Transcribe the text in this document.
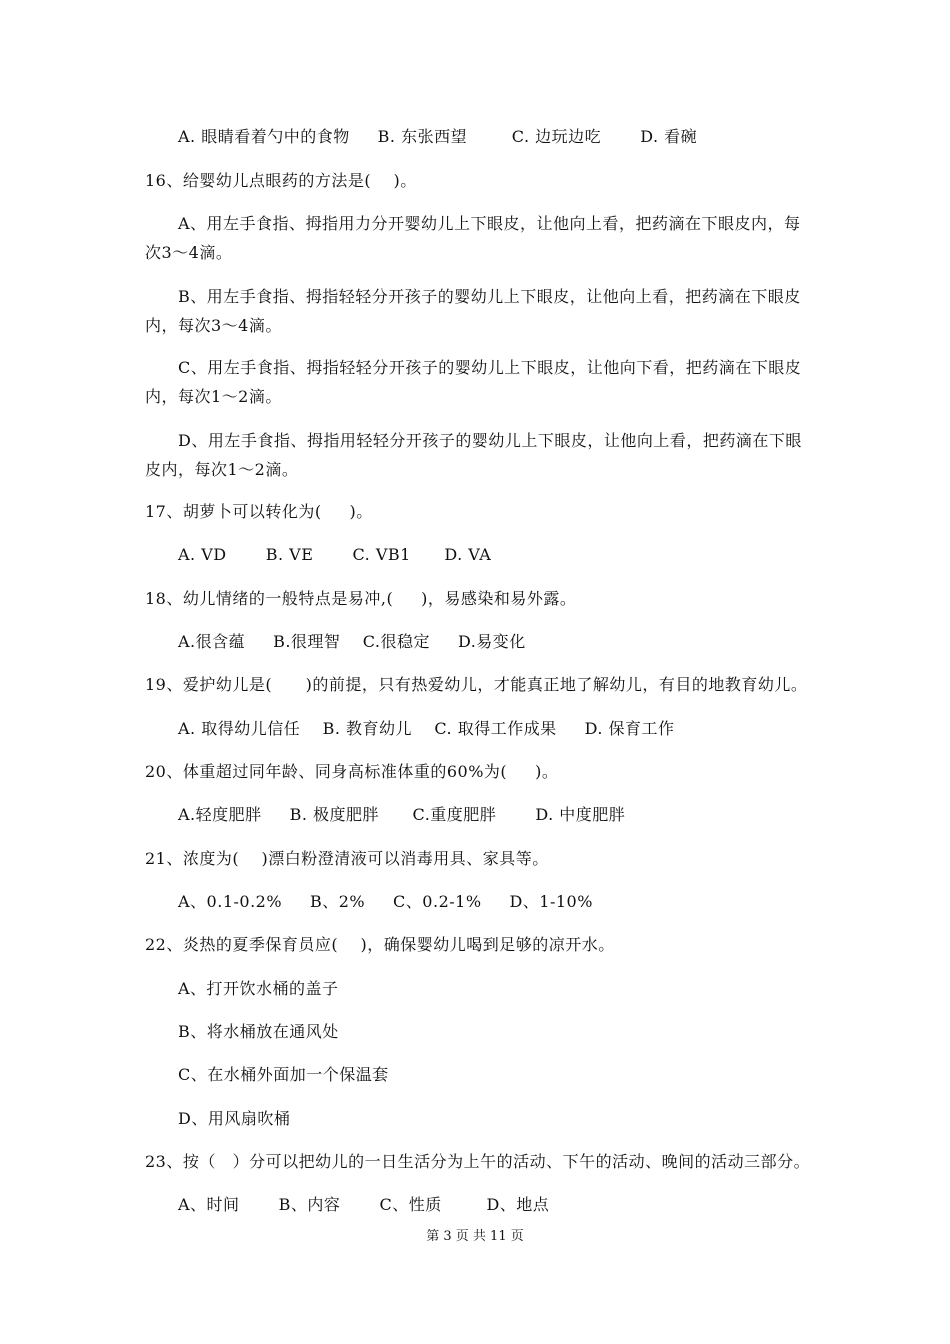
A. 眼睛看着勺中的食物     B. 东张西望        C. 边玩边吃       D. 看碗
16、给婴幼儿点眼药的方法是(    )。
A、用左手食指、拇指用力分开婴幼儿上下眼皮，让他向上看，把药滴在下眼皮内，每
次3～4滴。
B、用左手食指、拇指轻轻分开孩子的婴幼儿上下眼皮，让他向上看，把药滴在下眼皮
内，每次3～4滴。
C、用左手食指、拇指轻轻分开孩子的婴幼儿上下眼皮，让他向下看，把药滴在下眼皮
内，每次1～2滴。
D、用左手食指、拇指用轻轻分开孩子的婴幼儿上下眼皮，让他向上看，把药滴在下眼
皮内，每次1～2滴。
17、胡萝卜可以转化为(     )。
A. VD       B. VE       C. VB1      D. VA
18、幼儿情绪的一般特点是易冲,(     )，易感染和易外露。
A.很含蕴     B.很理智    C.很稳定     D.易变化
19、爱护幼儿是(      )的前提，只有热爱幼儿，才能真正地了解幼儿，有目的地教育幼儿。
A. 取得幼儿信任    B. 教育幼儿    C. 取得工作成果     D. 保育工作
20、体重超过同年龄、同身高标准体重的60%为(     )。
A.轻度肥胖     B. 极度肥胖      C.重度肥胖       D. 中度肥胖
21、浓度为(    )漂白粉澄清液可以消毒用具、家具等。
A、0.1-0.2%     B、2%     C、0.2-1%     D、1-10%
22、炎热的夏季保育员应(    )，确保婴幼儿喝到足够的凉开水。
A、打开饮水桶的盖子
B、将水桶放在通风处
C、在水桶外面加一个保温套
D、用风扇吹桶
23、按（   ）分可以把幼儿的一日生活分为上午的活动、下午的活动、晚间的活动三部分。
A、时间       B、内容       C、性质        D、地点
第 3 页 共 11 页
